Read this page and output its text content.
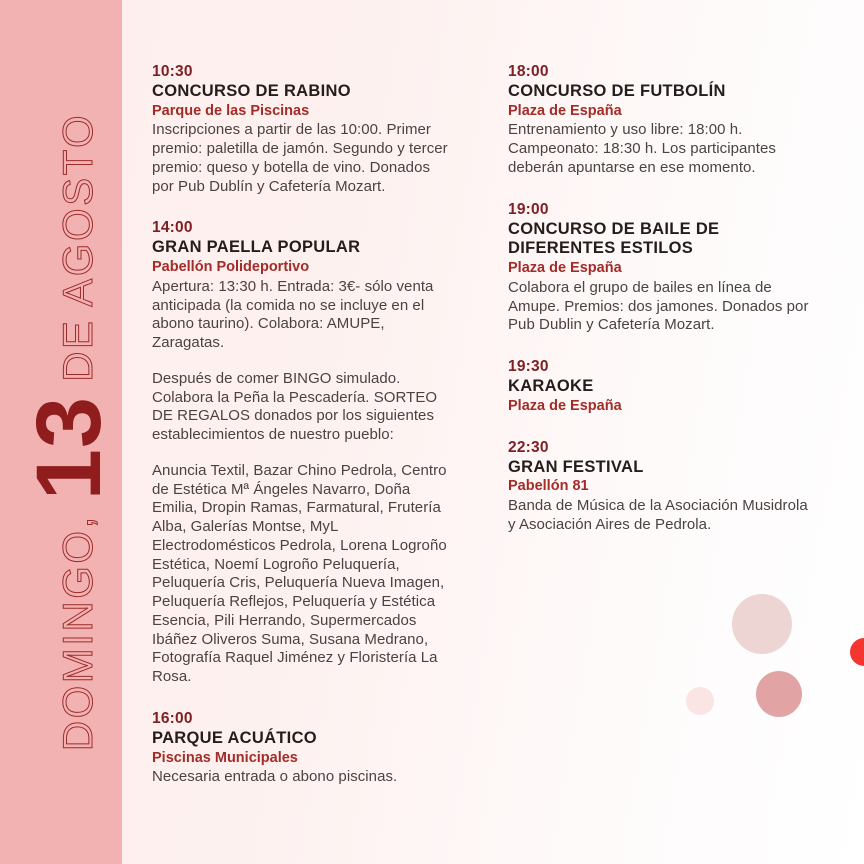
DOMINGO,
13
DE AGOSTO
10:30
CONCURSO DE RABINO
Parque de las Piscinas

Inscripciones a partir de las 10:00. Primer premio: paletilla de jamón. Segundo y tercer premio: queso y botella de vino. Donados por Pub Dublín y Cafetería Mozart.

14:00
GRAN PAELLA POPULAR
Pabellón Polideportivo

Apertura: 13:30 h. Entrada: 3€- sólo venta anticipada (la comida no se incluye en el abono taurino). Colabora: AMUPE, Zaragatas.

Después de comer BINGO simulado. Colabora la Peña la Pescadería. SORTEO DE REGALOS donados por los siguientes establecimientos de nuestro pueblo:

Anuncia Textil, Bazar Chino Pedrola, Centro de Estética Mª Ángeles Navarro, Doña Emilia, Dropin Ramas, Farmatural, Frutería Alba, Galerías Montse, MyL Electrodomésticos Pedrola, Lorena Logroño Estética, Noemí Logroño Peluquería, Peluquería Cris, Peluquería Nueva Imagen, Peluquería Reflejos, Peluquería y Estética Esencia, Pili Herrando, Supermercados Ibáñez Oliveros Suma, Susana Medrano, Fotografía Raquel Jiménez y Floristería La Rosa.

16:00
PARQUE ACUÁTICO
Piscinas Municipales

Necesaria entrada o abono piscinas.

18:00
CONCURSO DE FUTBOLÍN
Plaza de España

Entrenamiento y uso libre: 18:00 h. Campeonato: 18:30 h. Los participantes deberán apuntarse en ese momento.

19:00
CONCURSO DE BAILE DE DIFERENTES ESTILOS
Plaza de España

Colabora el grupo de bailes en línea de Amupe. Premios: dos jamones. Donados por Pub Dublin y Cafetería Mozart.

19:30
KARAOKE
Plaza de España
22:30
GRAN FESTIVAL
Pabellón 81

Banda de Música de la Asociación Musidrola y Asociación Aires de Pedrola.
